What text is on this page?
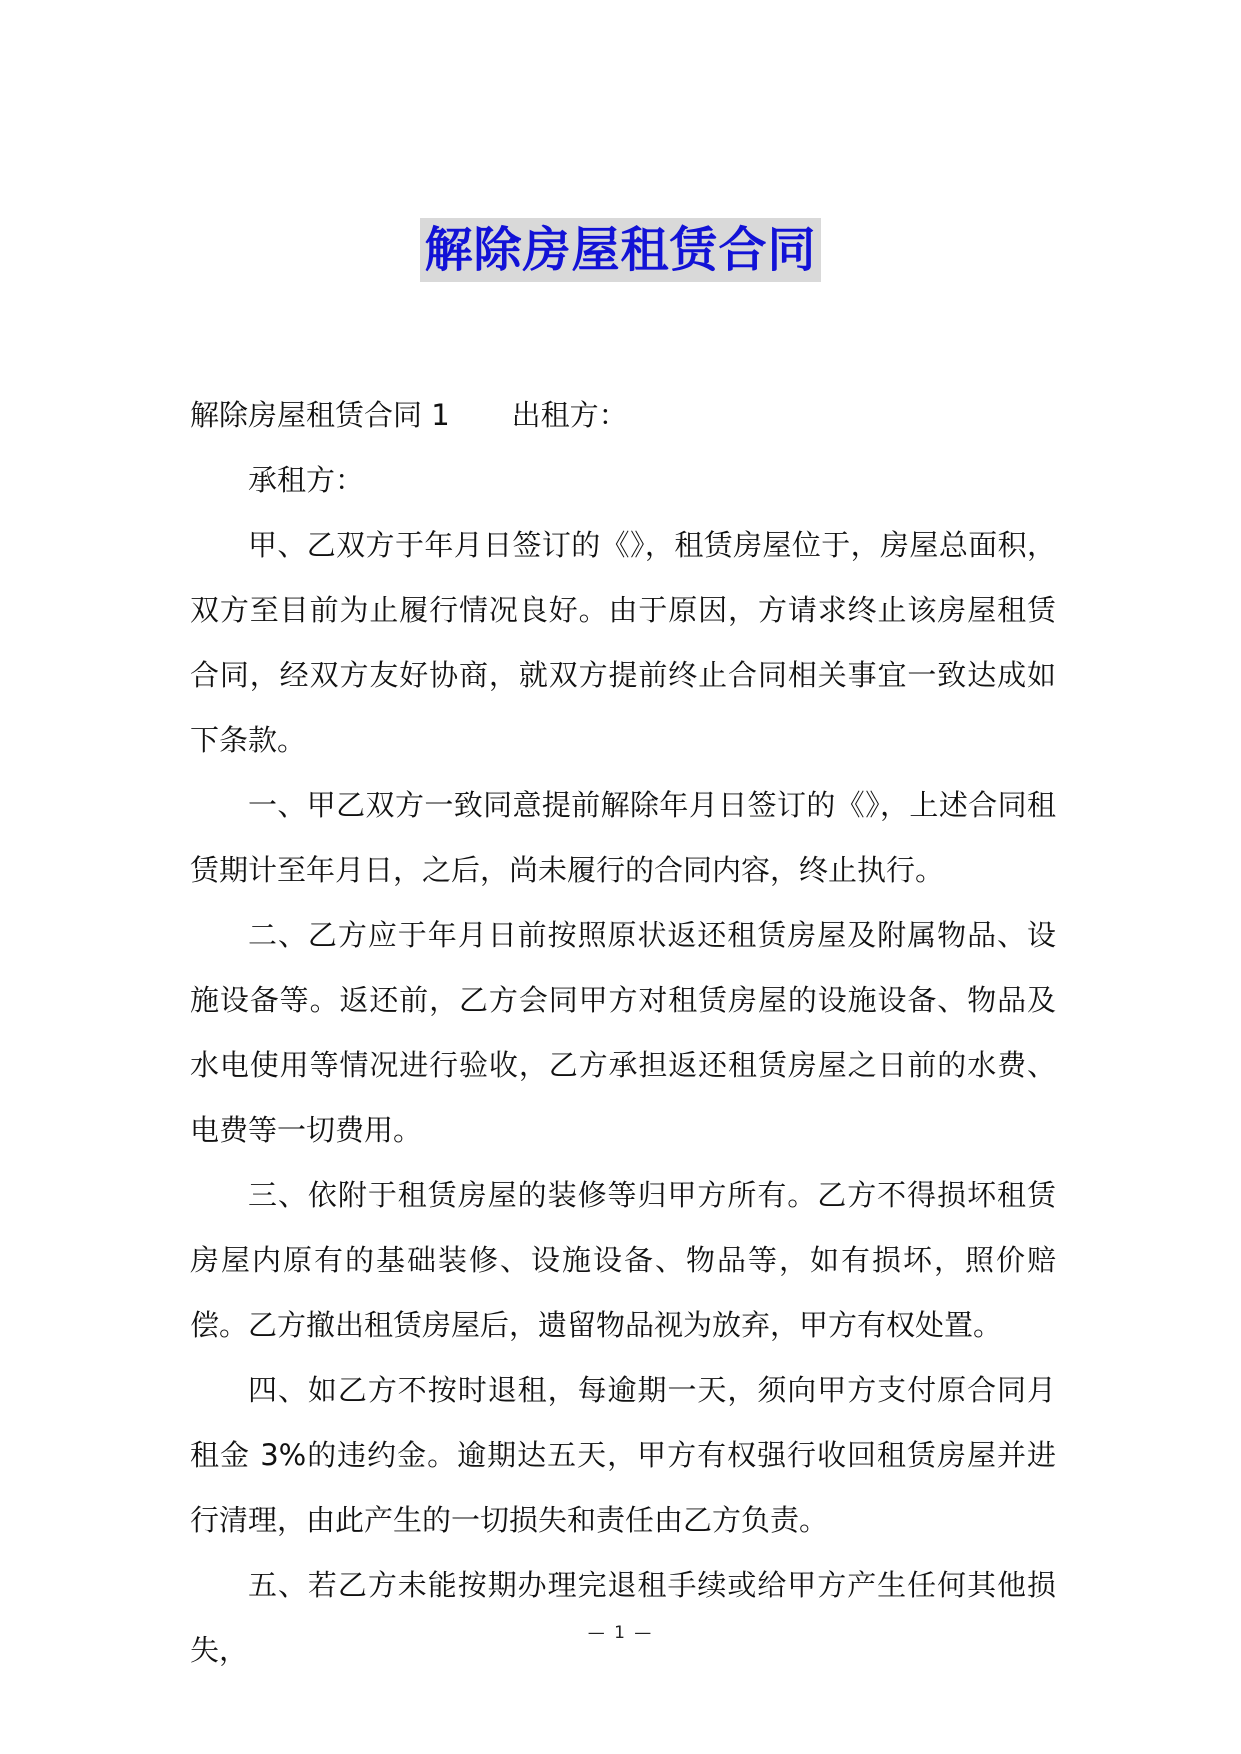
解除房屋租赁合同

解除房屋租赁合同 1 出租方：

承租方：

甲、乙双方于年月日签订的《》，租赁房屋位于，房屋总面积，双方至目前为止履行情况良好。由于原因，方请求终止该房屋租赁合同，经双方友好协商，就双方提前终止合同相关事宜一致达成如下条款。

一、甲乙双方一致同意提前解除年月日签订的《》，上述合同租赁期计至年月日，之后，尚未履行的合同内容，终止执行。

二、乙方应于年月日前按照原状返还租赁房屋及附属物品、设施设备等。返还前，乙方会同甲方对租赁房屋的设施设备、物品及水电使用等情况进行验收，乙方承担返还租赁房屋之日前的水费、电费等一切费用。

三、依附于租赁房屋的装修等归甲方所有。乙方不得损坏租赁房屋内原有的基础装修、设施设备、物品等，如有损坏，照价赔偿。乙方撤出租赁房屋后，遗留物品视为放弃，甲方有权处置。

四、如乙方不按时退租，每逾期一天，须向甲方支付原合同月租金 3%的违约金。逾期达五天，甲方有权强行收回租赁房屋并进行清理，由此产生的一切损失和责任由乙方负责。

五、若乙方未能按期办理完退租手续或给甲方产生任何其他损失，	— 1 —
